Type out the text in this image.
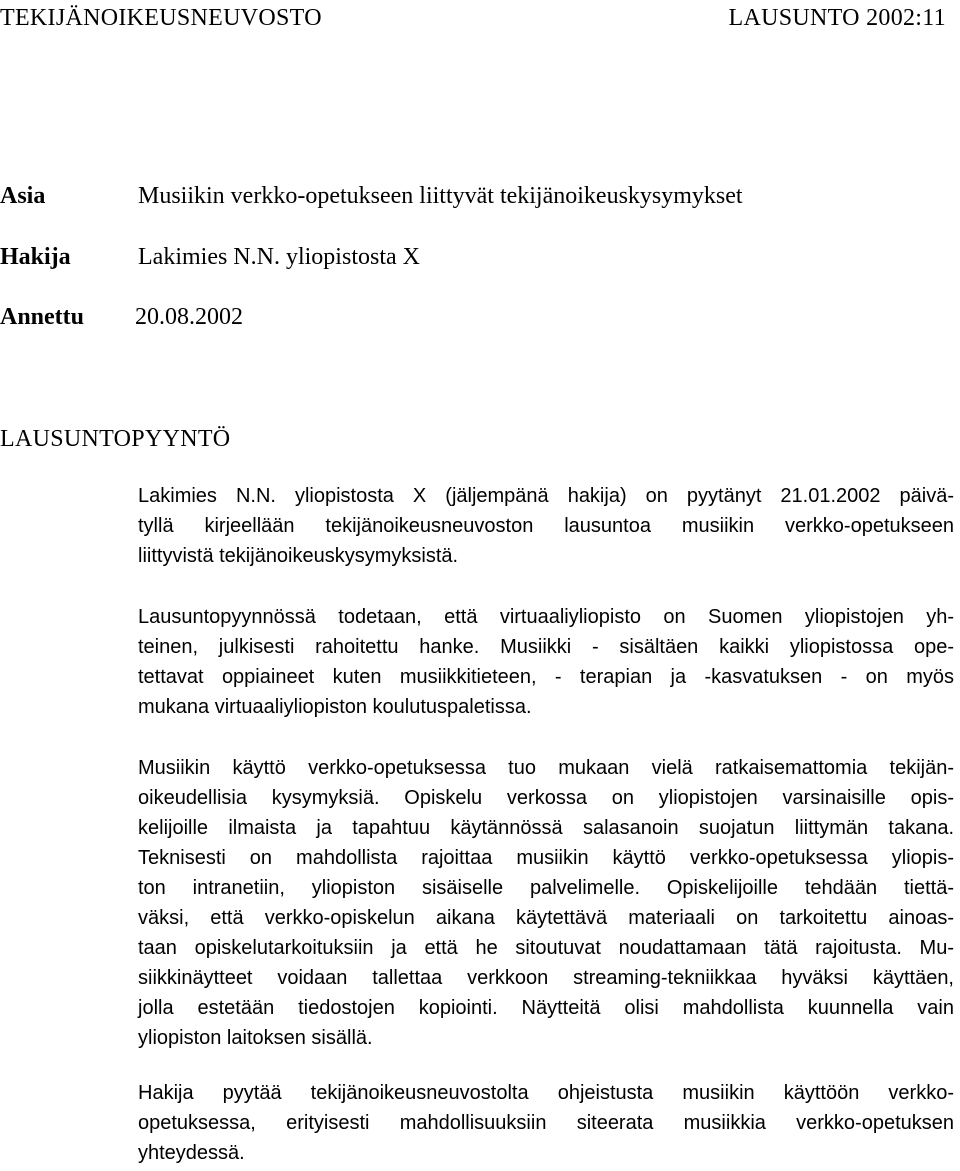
TEKIJÄNOIKEUSNEUVOSTO	LAUSUNTO 2002:11
Asia	Musiikin verkko-opetukseen liittyvät tekijänoikeuskysymykset
Hakija	Lakimies N.N. yliopistosta X
Annettu 20.08.2002
LAUSUNTOPYYNTÖ
Lakimies N.N. yliopistosta X (jäljempänä hakija) on pyytänyt 21.01.2002 päivä-
tyllä kirjeellään tekijänoikeusneuvoston lausuntoa musiikin verkko-opetukseen
liittyvistä tekijänoikeuskysymyksistä.
Lausuntopyynnössä todetaan, että virtuaaliyliopisto on Suomen yliopistojen yh-
teinen, julkisesti rahoitettu hanke. Musiikki - sisältäen kaikki yliopistossa ope-
tettavat oppiaineet kuten musiikkitieteen, - terapian ja -kasvatuksen - on myös
mukana virtuaaliyliopiston koulutuspaletissa.
Musiikin käyttö verkko-opetuksessa tuo mukaan vielä ratkaisemattomia tekijän-
oikeudellisia kysymyksiä. Opiskelu verkossa on yliopistojen varsinaisille opis-
kelijoille ilmaista ja tapahtuu käytännössä salasanoin suojatun liittymän takana.
Teknisesti on mahdollista rajoittaa musiikin käyttö verkko-opetuksessa yliopis-
ton intranetiin, yliopiston sisäiselle palvelimelle. Opiskelijoille tehdään tiettä-
väksi, että verkko-opiskelun aikana käytettävä materiaali on tarkoitettu ainoas-
taan opiskelutarkoituksiin ja että he sitoutuvat noudattamaan tätä rajoitusta. Mu-
siikkinäytteet voidaan tallettaa verkkoon streaming-tekniikkaa hyväksi käyttäen,
jolla estetään tiedostojen kopiointi. Näytteitä olisi mahdollista kuunnella vain
yliopiston laitoksen sisällä.
Hakija pyytää tekijänoikeusneuvostolta ohjeistusta musiikin käyttöön verkko-
opetuksessa, erityisesti mahdollisuuksiin siteerata musiikkia verkko-opetuksen
yhteydessä.
